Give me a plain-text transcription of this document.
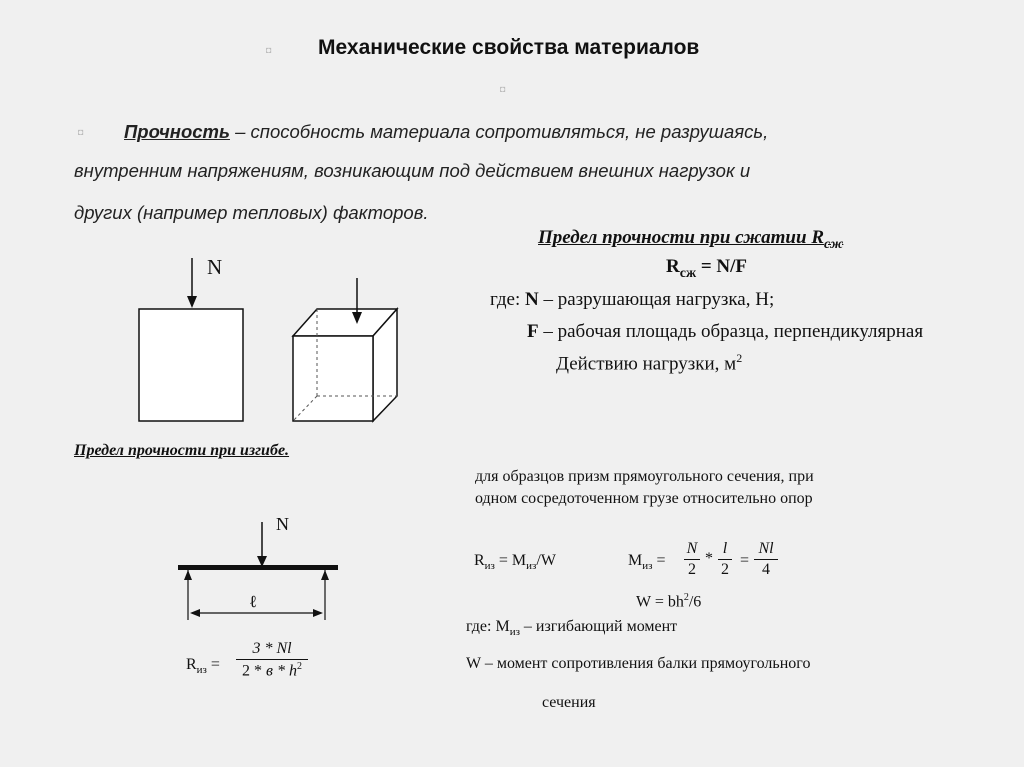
◘
◘
◘
Механические свойства материалов
Прочность – способность материала сопротивляться, не разрушаясь,
внутренним напряжениям, возникающим под действием внешних нагрузок и
других (например тепловых) факторов.
Предел прочности при сжатии $R_{сж}$
$R_{сж} = N/F$
где: N – разрушающая нагрузка, Н;
F – рабочая площадь образца, перпендикулярная
Действию нагрузки, $м^2$
N
N
ℓ
Предел прочности при изгибе.
для образцов призм прямоугольного сечения, при
одном сосредоточенном грузе относительно опор
$R_{из} = M_{из}/W$	$M_{из}$ =
N
2
*
l
2
=
Nl
4
$W = bh^2/6$
где: $M_{из}$ – изгибающий момент
W – момент сопротивления балки прямоугольного
сечения
$R_{из}$ =
3 * Nl
2 * в * $h^2$
